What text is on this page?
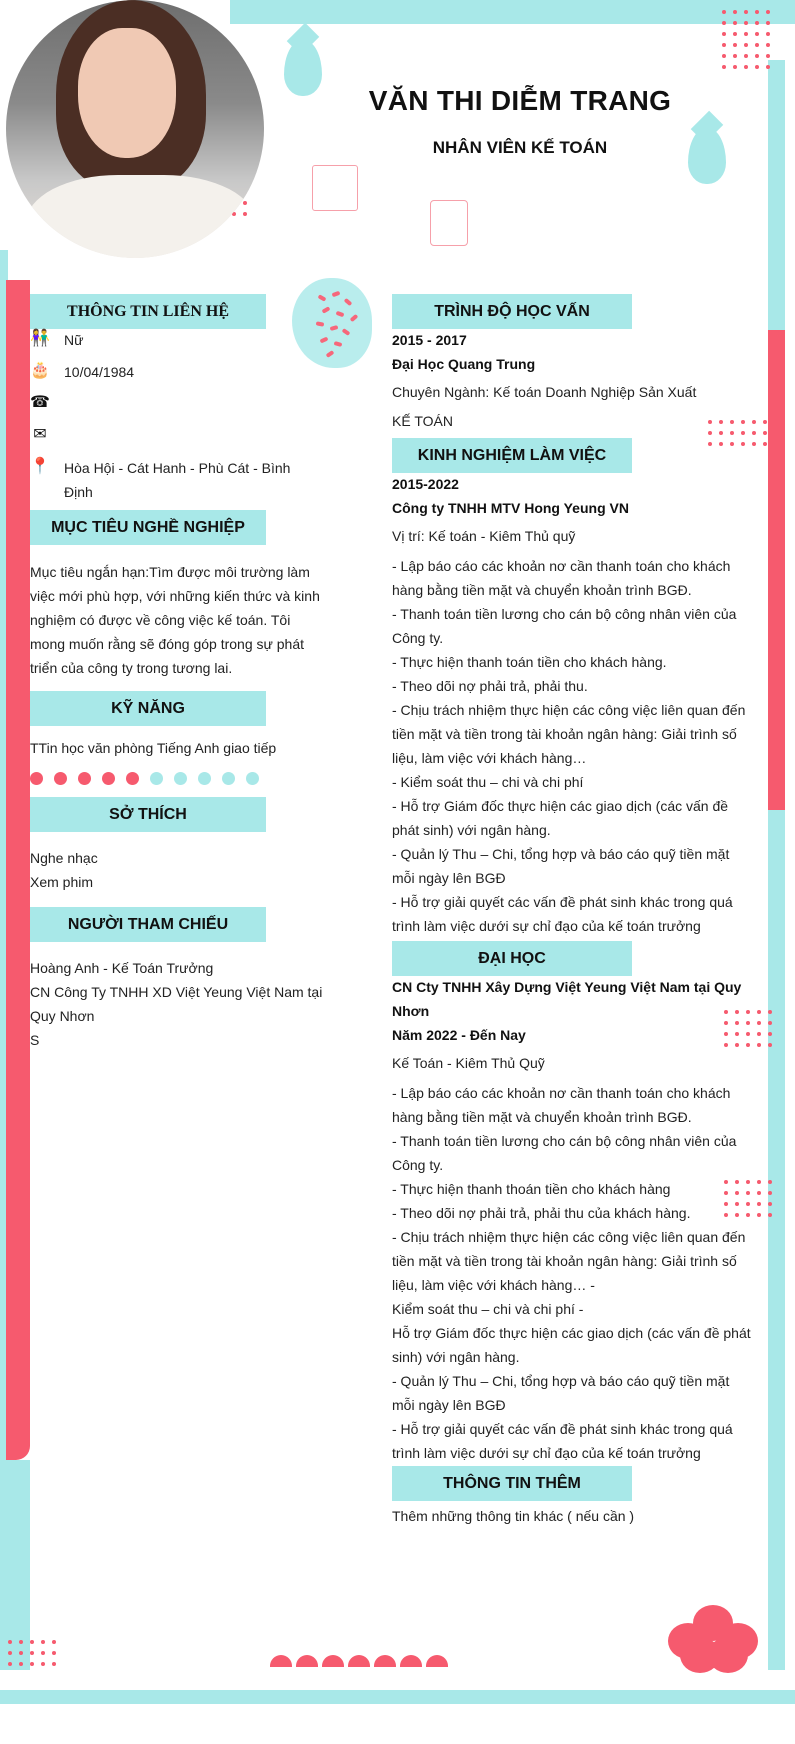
VĂN THI DIỄM TRANG
NHÂN VIÊN KẾ TOÁN
THÔNG TIN LIÊN HỆ
👫 Nữ
🎂 10/04/1984
☎
✉
📍 Hòa Hội - Cát Hanh - Phù Cát - Bình Định
MỤC TIÊU NGHỀ NGHIỆP
Mục tiêu ngắn hạn:Tìm được môi trường làm việc mới phù hợp, với những kiến thức và kinh nghiệm có được về công việc kế toán. Tôi mong muốn rằng sẽ đóng góp trong sự phát triển của công ty trong tương lai.
KỸ NĂNG
TTin học văn phòng Tiếng Anh giao tiếp
SỞ THÍCH
Nghe nhạc
Xem phim
NGƯỜI THAM CHIẾU
Hoàng Anh - Kế Toán Trưởng
CN Công Ty TNHH XD Việt Yeung Việt Nam tại Quy Nhơn
S
TRÌNH ĐỘ HỌC VẤN
2015 - 2017
Đại Học Quang Trung
Chuyên Ngành: Kế toán Doanh Nghiệp Sản Xuất
KẾ TOÁN
KINH NGHIỆM LÀM VIỆC
2015-2022
Công ty TNHH MTV Hong Yeung VN
Vị trí: Kế toán - Kiêm Thủ quỹ
- Lập báo cáo các khoản nơ cần thanh toán cho khách hàng bằng tiền mặt và chuyển khoản trình BGĐ.
- Thanh toán tiền lương cho cán bộ công nhân viên của Công ty.
- Thực hiện thanh toán tiền cho khách hàng.
- Theo dõi nợ phải trả, phải thu.
- Chịu trách nhiệm thực hiện các công việc liên quan đến tiền mặt và tiền trong tài khoản ngân hàng: Giải trình số liệu, làm việc với khách hàng…
- Kiểm soát thu – chi và chi phí
- Hỗ trợ Giám đốc thực hiện các giao dịch (các vấn đề phát sinh) với ngân hàng.
- Quản lý Thu – Chi, tổng hợp và báo cáo quỹ tiền mặt mỗi ngày lên BGĐ
- Hỗ trợ giải quyết các vấn đề phát sinh khác trong quá trình làm việc dưới sự chỉ đạo của kế toán trưởng
ĐẠI HỌC
CN Cty TNHH Xây Dựng Việt Yeung Việt Nam tại Quy Nhơn
Năm 2022 - Đến Nay
Kế Toán - Kiêm Thủ Quỹ
- Lập báo cáo các khoản nơ cần thanh toán cho khách hàng bằng tiền mặt và chuyển khoản trình BGĐ.
- Thanh toán tiền lương cho cán bộ công nhân viên của Công ty.
- Thực hiện thanh thoán tiền cho khách hàng
- Theo dõi nợ phải trả, phải thu của khách hàng.
- Chịu trách nhiệm thực hiện các công việc liên quan đến tiền mặt và tiền trong tài khoản ngân hàng: Giải trình số liệu, làm việc với khách hàng… -
Kiểm soát thu – chi và chi phí -
Hỗ trợ Giám đốc thực hiện các giao dịch (các vấn đề phát sinh) với ngân hàng.
- Quản lý Thu – Chi, tổng hợp và báo cáo quỹ tiền mặt mỗi ngày lên BGĐ
- Hỗ trợ giải quyết các vấn đề phát sinh khác trong quá trình làm việc dưới sự chỉ đạo của kế toán trưởng
THÔNG TIN THÊM
Thêm những thông tin khác ( nếu cần )
